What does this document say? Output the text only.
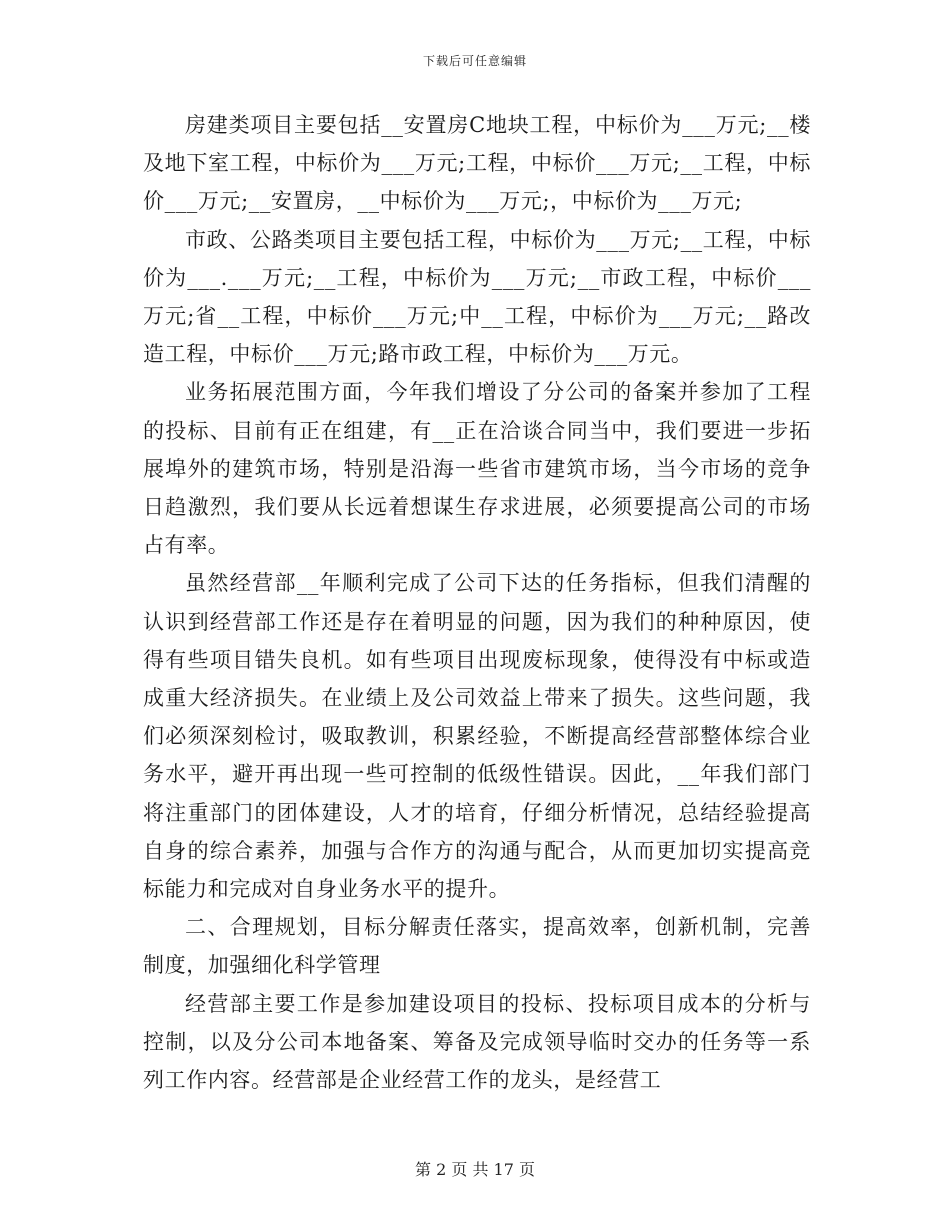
下载后可任意编辑

房建类项目主要包括__安置房C地块工程，中标价为___万元;__楼及地下室工程，中标价为___万元;工程，中标价___万元;__工程，中标价___万元;__安置房，__中标价为___万元;，中标价为___万元;

市政、公路类项目主要包括工程，中标价为___万元;__工程，中标价为___.___万元;__工程，中标价为___万元;__市政工程，中标价___万元;省__工程，中标价___万元;中__工程，中标价为___万元;__路改造工程，中标价___万元;路市政工程，中标价为___万元。

业务拓展范围方面，今年我们增设了分公司的备案并参加了工程的投标、目前有正在组建，有__正在洽谈合同当中，我们要进一步拓展埠外的建筑市场，特别是沿海一些省市建筑市场，当今市场的竞争日趋激烈，我们要从长远着想谋生存求进展，必须要提高公司的市场占有率。

虽然经营部__年顺利完成了公司下达的任务指标，但我们清醒的认识到经营部工作还是存在着明显的问题，因为我们的种种原因，使得有些项目错失良机。如有些项目出现废标现象，使得没有中标或造成重大经济损失。在业绩上及公司效益上带来了损失。这些问题，我们必须深刻检讨，吸取教训，积累经验，不断提高经营部整体综合业务水平，避开再出现一些可控制的低级性错误。因此，__年我们部门将注重部门的团体建设，人才的培育，仔细分析情况，总结经验提高自身的综合素养，加强与合作方的沟通与配合，从而更加切实提高竞标能力和完成对自身业务水平的提升。

二、合理规划，目标分解责任落实，提高效率，创新机制，完善制度，加强细化科学管理

经营部主要工作是参加建设项目的投标、投标项目成本的分析与控制，以及分公司本地备案、筹备及完成领导临时交办的任务等一系列工作内容。经营部是企业经营工作的龙头，是经营工

第 2 页 共 17 页
